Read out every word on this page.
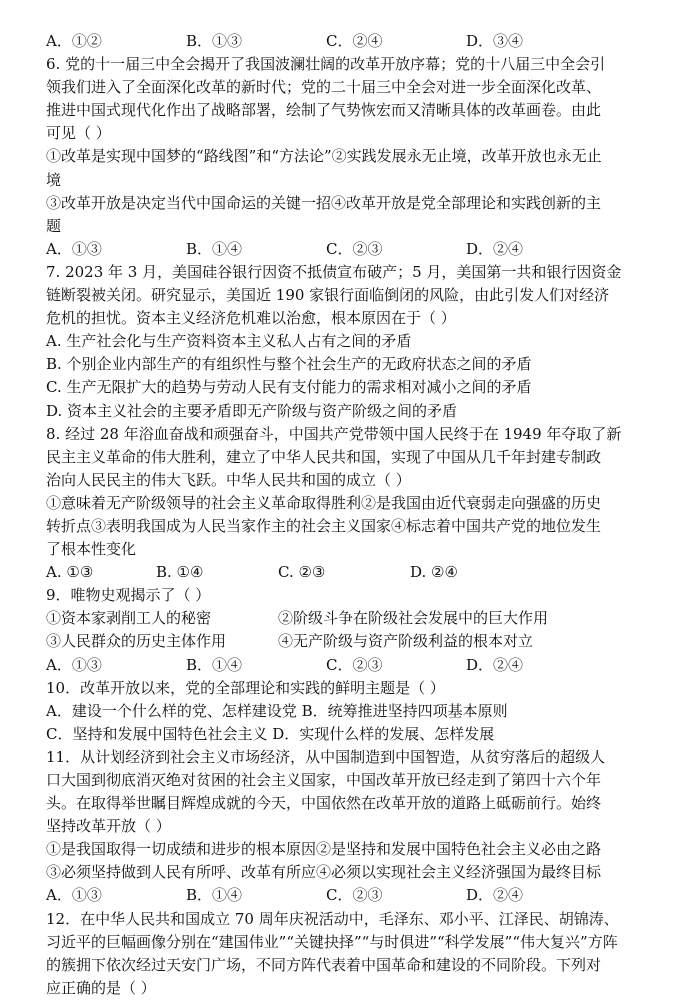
A．①②	B．①③	C．②④	D．③④
6. 党的十一届三中全会揭开了我国波澜壮阔的改革开放序幕；党的十八届三中全会引
领我们进入了全面深化改革的新时代；党的二十届三中全会对进一步全面深化改革、
推进中国式现代化作出了战略部署，绘制了气势恢宏而又清晰具体的改革画卷。由此
可见（ ）
①改革是实现中国梦的“路线图”和“方法论”②实践发展永无止境，改革开放也永无止
境
③改革开放是决定当代中国命运的关键一招④改革开放是党全部理论和实践创新的主
题
A．①③	B．①④	C．②③	D．②④
7. 2023 年 3 月，美国硅谷银行因资不抵债宣布破产；5 月，美国第一共和银行因资金
链断裂被关闭。研究显示，美国近 190 家银行面临倒闭的风险，由此引发人们对经济
危机的担忧。资本主义经济危机难以治愈，根本原因在于（ ）
A. 生产社会化与生产资料资本主义私人占有之间的矛盾
B. 个别企业内部生产的有组织性与整个社会生产的无政府状态之间的矛盾
C. 生产无限扩大的趋势与劳动人民有支付能力的需求相对减小之间的矛盾
D. 资本主义社会的主要矛盾即无产阶级与资产阶级之间的矛盾
8. 经过 28 年浴血奋战和顽强奋斗，中国共产党带领中国人民终于在 1949 年夺取了新
民主主义革命的伟大胜利，建立了中华人民共和国，实现了中国从几千年封建专制政
治向人民民主的伟大飞跃。中华人民共和国的成立（ ）
①意味着无产阶级领导的社会主义革命取得胜利②是我国由近代衰弱走向强盛的历史
转折点③表明我国成为人民当家作主的社会主义国家④标志着中国共产党的地位发生
了根本性变化
A. ①③	B. ①④	C. ②③	D. ②④
9．唯物史观揭示了（ ）
①资本家剥削工人的秘密	②阶级斗争在阶级社会发展中的巨大作用
③人民群众的历史主体作用	④无产阶级与资产阶级利益的根本对立
A．①③	B．①④	C．②③	D．②④
10．改革开放以来，党的全部理论和实践的鲜明主题是（ ）
A．建设一个什么样的党、怎样建设党 B．统筹推进坚持四项基本原则
C．坚持和发展中国特色社会主义 D．实现什么样的发展、怎样发展
11．从计划经济到社会主义市场经济，从中国制造到中国智造，从贫穷落后的超级人
口大国到彻底消灭绝对贫困的社会主义国家，中国改革开放已经走到了第四十六个年
头。在取得举世瞩目辉煌成就的今天，中国依然在改革开放的道路上砥砺前行。始终
坚持改革开放（ ）
①是我国取得一切成绩和进步的根本原因②是坚持和发展中国特色社会主义必由之路
③必须坚持做到人民有所呼、改革有所应④必须以实现社会主义经济强国为最终目标
A．①③	B．①④	C．②③	D．②④
12．在中华人民共和国成立 70 周年庆祝活动中，毛泽东、邓小平、江泽民、胡锦涛、
习近平的巨幅画像分别在“建国伟业”“关键抉择”“与时俱进”“科学发展”“伟大复兴”方阵
的簇拥下依次经过天安门广场，不同方阵代表着中国革命和建设的不同阶段。下列对
应正确的是（ ）
